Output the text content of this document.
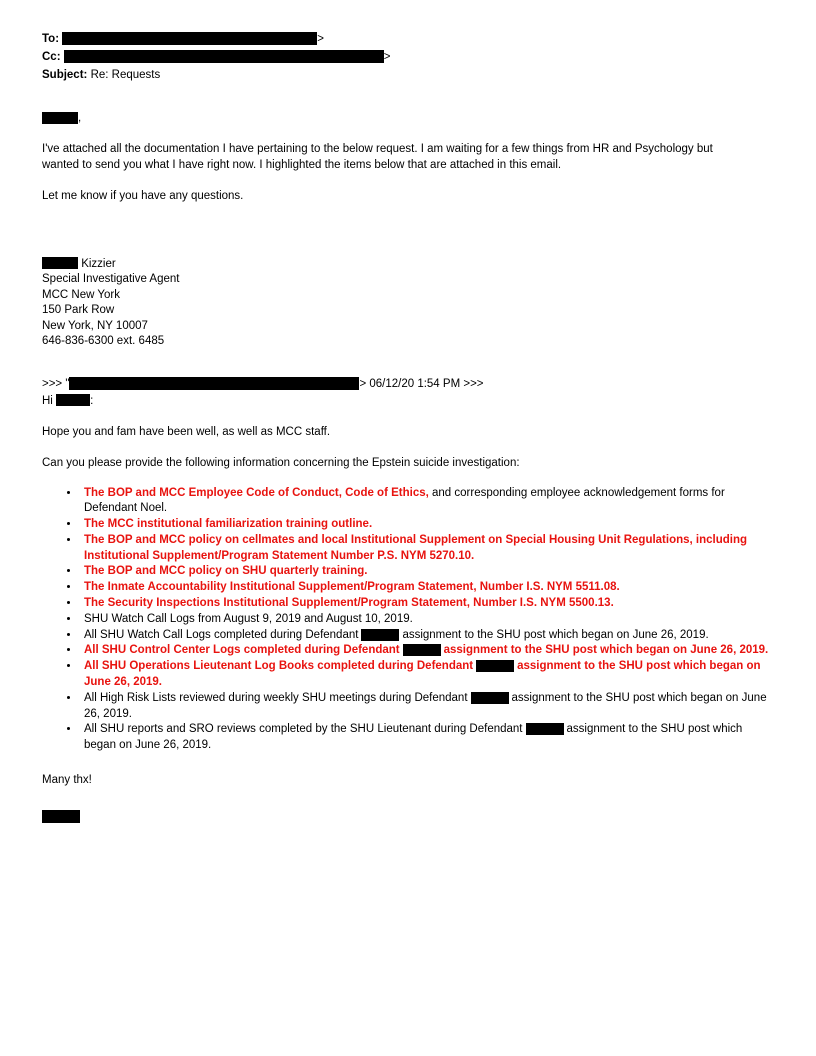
To:	>
Cc:	>
Subject: Re: Requests
,
I've attached all the documentation I have pertaining to the below request. I am waiting for a few things from HR and Psychology but wanted to send you what I have right now. I highlighted the items below that are attached in this email.
Let me know if you have any questions.
Kizzier
Special Investigative Agent
MCC New York
150 Park Row
New York, NY 10007
646-836-6300 ext. 6485
>>> "	> 06/12/20 1:54 PM >>>
Hi	:
Hope you and fam have been well, as well as MCC staff.
Can you please provide the following information concerning the Epstein suicide investigation:
• The BOP and MCC Employee Code of Conduct, Code of Ethics, and corresponding employee acknowledgement forms for Defendant Noel.
• The MCC institutional familiarization training outline.
• The BOP and MCC policy on cellmates and local Institutional Supplement on Special Housing Unit Regulations, including Institutional Supplement/Program Statement Number P.S. NYM 5270.10.
• The BOP and MCC policy on SHU quarterly training.
• The Inmate Accountability Institutional Supplement/Program Statement, Number I.S. NYM 5511.08.
• The Security Inspections Institutional Supplement/Program Statement, Number I.S. NYM 5500.13.
• SHU Watch Call Logs from August 9, 2019 and August 10, 2019.
• All SHU Watch Call Logs completed during Defendant	assignment to the SHU post which began on June 26, 2019.
• All SHU Control Center Logs completed during Defendant	assignment to the SHU post which began on June 26, 2019.
• All SHU Operations Lieutenant Log Books completed during Defendant	assignment to the SHU post which began on June 26, 2019.
• All High Risk Lists reviewed during weekly SHU meetings during Defendant	assignment to the SHU post which began on June 26, 2019.
• All SHU reports and SRO reviews completed by the SHU Lieutenant during Defendant	assignment to the SHU post which began on June 26, 2019.
Many thx!
